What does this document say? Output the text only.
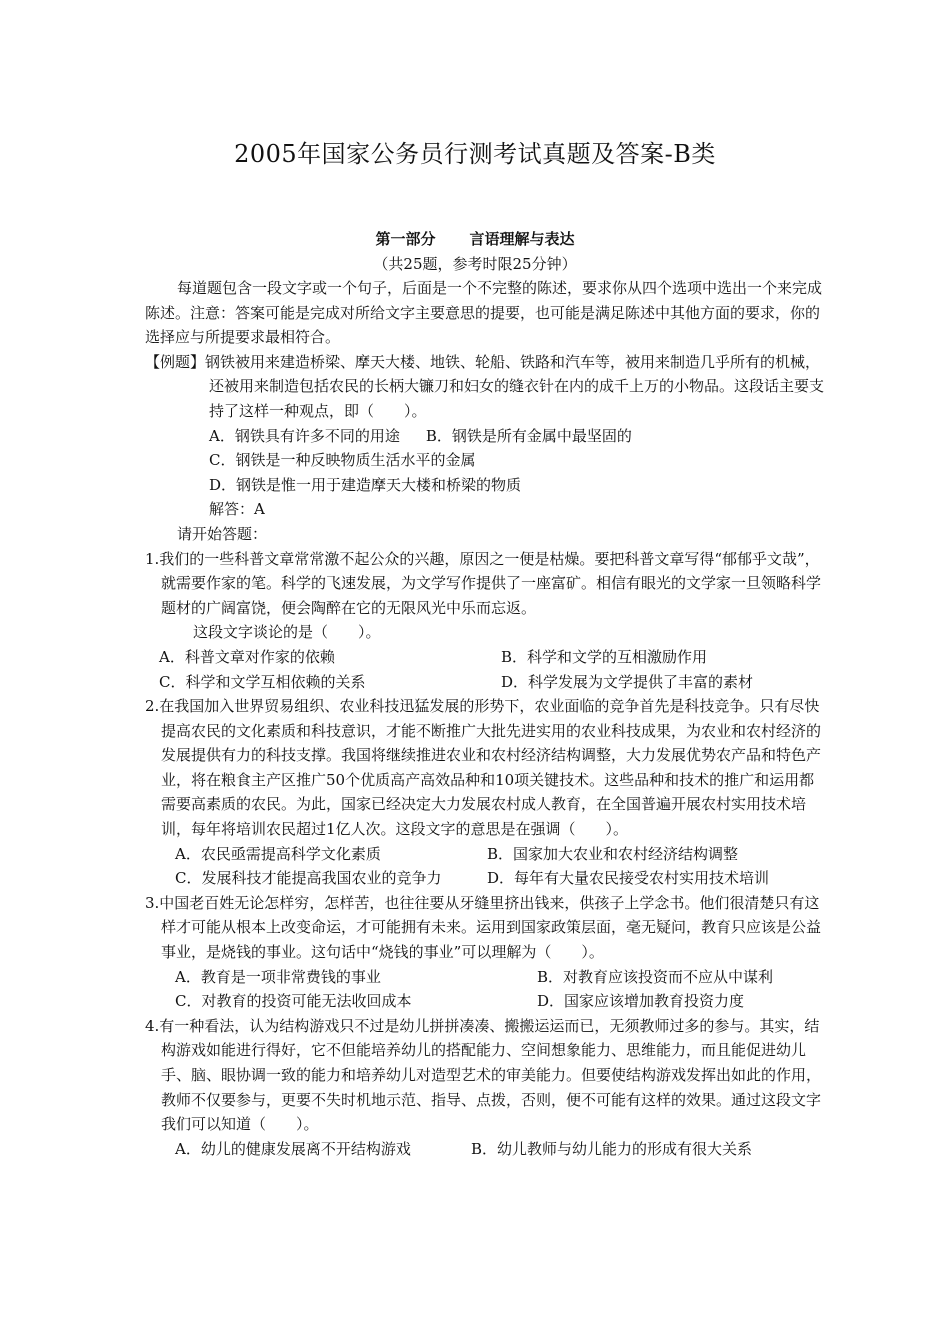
2005年国家公务员行测考试真题及答案-B类
第一部分 言语理解与表达
（共25题，参考时限25分钟）

每道题包含一段文字或一个句子，后面是一个不完整的陈述，要求你从四个选项中选出一个来完成陈述。注意：答案可能是完成对所给文字主要意思的提要，也可能是满足陈述中其他方面的要求，你的选择应与所提要求最相符合。

【例题】钢铁被用来建造桥梁、摩天大楼、地铁、轮船、铁路和汽车等，被用来制造几乎所有的机械，还被用来制造包括农民的长柄大镰刀和妇女的缝衣针在内的成千上万的小物品。这段话主要支持了这样一种观点，即（　　）。

A．钢铁具有许多不同的用途 B．钢铁是所有金属中最坚固的

C．钢铁是一种反映物质生活水平的金属

D．钢铁是惟一用于建造摩天大楼和桥梁的物质

解答：A

请开始答题：

1.我们的一些科普文章常常激不起公众的兴趣，原因之一便是枯燥。要把科普文章写得“郁郁乎文哉”，就需要作家的笔。科学的飞速发展，为文学写作提供了一座富矿。相信有眼光的文学家一旦领略科学题材的广阔富饶，便会陶醉在它的无限风光中乐而忘返。

这段文字谈论的是（　　）。

A．科普文章对作家的依赖	B．科学和文学的互相激励作用
C．科学和文学互相依赖的关系	D．科学发展为文学提供了丰富的素材

2.在我国加入世界贸易组织、农业科技迅猛发展的形势下，农业面临的竞争首先是科技竞争。只有尽快提高农民的文化素质和科技意识，才能不断推广大批先进实用的农业科技成果，为农业和农村经济的发展提供有力的科技支撑。我国将继续推进农业和农村经济结构调整，大力发展优势农产品和特色产业，将在粮食主产区推广50个优质高产高效品种和10项关键技术。这些品种和技术的推广和运用都需要高素质的农民。为此，国家已经决定大力发展农村成人教育，在全国普遍开展农村实用技术培训，每年将培训农民超过1亿人次。这段文字的意思是在强调（　　）。

A．农民亟需提高科学文化素质	B．国家加大农业和农村经济结构调整
C．发展科技才能提高我国农业的竞争力	D．每年有大量农民接受农村实用技术培训

3.中国老百姓无论怎样穷，怎样苦，也往往要从牙缝里挤出钱来，供孩子上学念书。他们很清楚只有这样才可能从根本上改变命运，才可能拥有未来。运用到国家政策层面，毫无疑问，教育只应该是公益事业，是烧钱的事业。这句话中“烧钱的事业”可以理解为（　　）。

A．教育是一项非常费钱的事业	B．对教育应该投资而不应从中谋利
C．对教育的投资可能无法收回成本	D．国家应该增加教育投资力度

4.有一种看法，认为结构游戏只不过是幼儿拼拼凑凑、搬搬运运而已，无须教师过多的参与。其实，结构游戏如能进行得好，它不但能培养幼儿的搭配能力、空间想象能力、思维能力，而且能促进幼儿手、脑、眼协调一致的能力和培养幼儿对造型艺术的审美能力。但要使结构游戏发挥出如此的作用，教师不仅要参与，更要不失时机地示范、指导、点拨，否则，便不可能有这样的效果。通过这段文字我们可以知道（　　）。

A．幼儿的健康发展离不开结构游戏	B．幼儿教师与幼儿能力的形成有很大关系
